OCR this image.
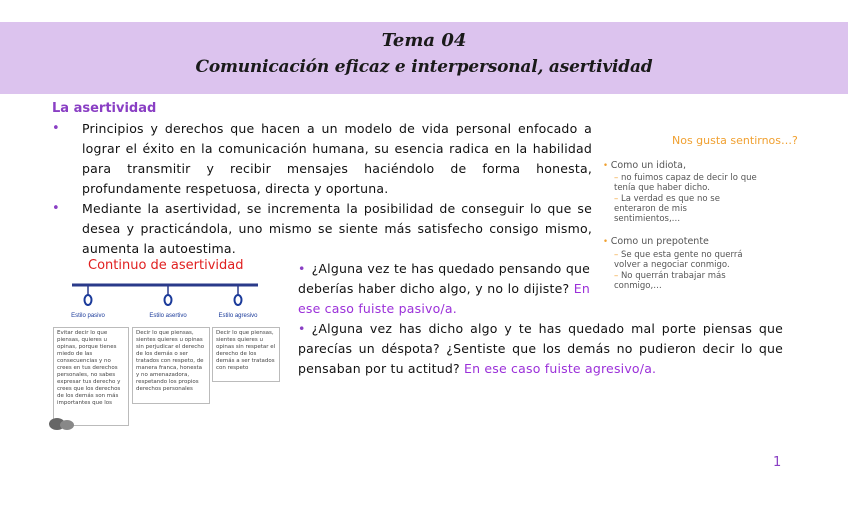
Tema 04
Comunicación eficaz e interpersonal, asertividad
La asertividad
• Principios y derechos que hacen a un modelo de vida personal enfocado a lograr el éxito en la comunicación humana, su esencia radica en la habilidad para transmitir y recibir mensajes haciéndolo de forma honesta, profundamente respetuosa, directa y oportuna.
• Mediante la asertividad, se incrementa la posibilidad de conseguir lo que se desea y practicándola, uno mismo se siente más satisfecho consigo mismo, aumenta la autoestima.
Continuo de asertividad
Estilo pasivo	Estilo asertivo	Estilo agresivo
Evitar decir lo que piensas, quieres u opinas, porque tienes miedo de las consecuencias y no crees en tus derechos personales, no sabes expresar tus derecho y crees que los derechos de los demás son más importantes que los
Decir lo que piensas, sientes quieres u opinas sin perjudicar el derecho de los demás o ser tratados con respeto, de manera franca, honesta y no amenazadora, respetando los propios derechos personales
Decir lo que piensas, sientes quieres u opinas sin respetar el derecho de los demás a ser tratados con respeto
• ¿Alguna vez te has quedado pensando que deberías haber dicho algo, y no lo dijiste? En ese caso fuiste pasivo/a.
• ¿Alguna vez has dicho algo y te has quedado mal porte piensas que parecías un déspota? ¿Sentiste que los demás no pudieron decir lo que pensaban por tu actitud? En ese caso fuiste agresivo/a.
Nos gusta sentirnos…?
• Como un idiota,
– no fuimos capaz de decir lo que tenía que haber dicho.
– La verdad es que no se enteraron de mis sentimientos,…
• Como un prepotente
– Se que esta gente no querrá volver a negociar conmigo.
– No querrán trabajar más conmigo,…
1
